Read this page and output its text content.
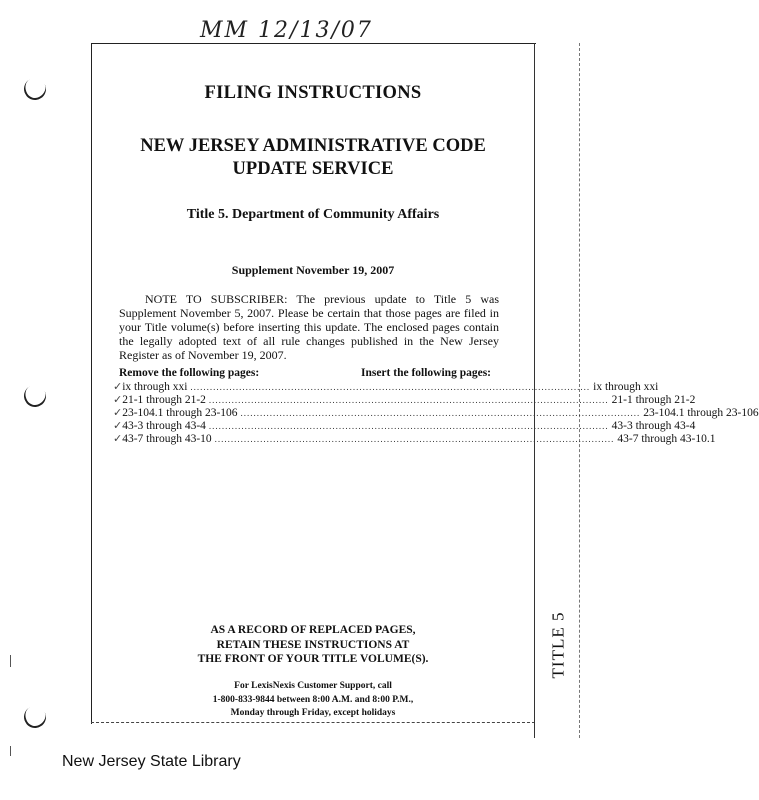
MM 12/13/07
TITLE 5
FILING INSTRUCTIONS
NEW JERSEY ADMINISTRATIVE CODE
UPDATE SERVICE
Title 5. Department of Community Affairs
Supplement November 19, 2007
NOTE TO SUBSCRIBER: The previous update to Title 5 was Supplement November 5, 2007. Please be certain that those pages are filed in your Title volume(s) before inserting this update. The enclosed pages contain the legally adopted text of all rule changes published in the New Jersey Register as of November 19, 2007.
Remove the following pages:	Insert the following pages:
✓ ix through xxi ........................................................................................................................... ix through xxi
✓ 21-1 through 21-2 ........................................................................................................................... 21-1 through 21-2
✓ 23-104.1 through 23-106 ........................................................................................................................... 23-104.1 through 23-106
✓ 43-3 through 43-4 ........................................................................................................................... 43-3 through 43-4
✓ 43-7 through 43-10 ........................................................................................................................... 43-7 through 43-10.1
AS A RECORD OF REPLACED PAGES,
RETAIN THESE INSTRUCTIONS AT
THE FRONT OF YOUR TITLE VOLUME(S).
For LexisNexis Customer Support, call
1-800-833-9844 between 8:00 A.M. and 8:00 P.M.,
Monday through Friday, except holidays
New Jersey State Library
